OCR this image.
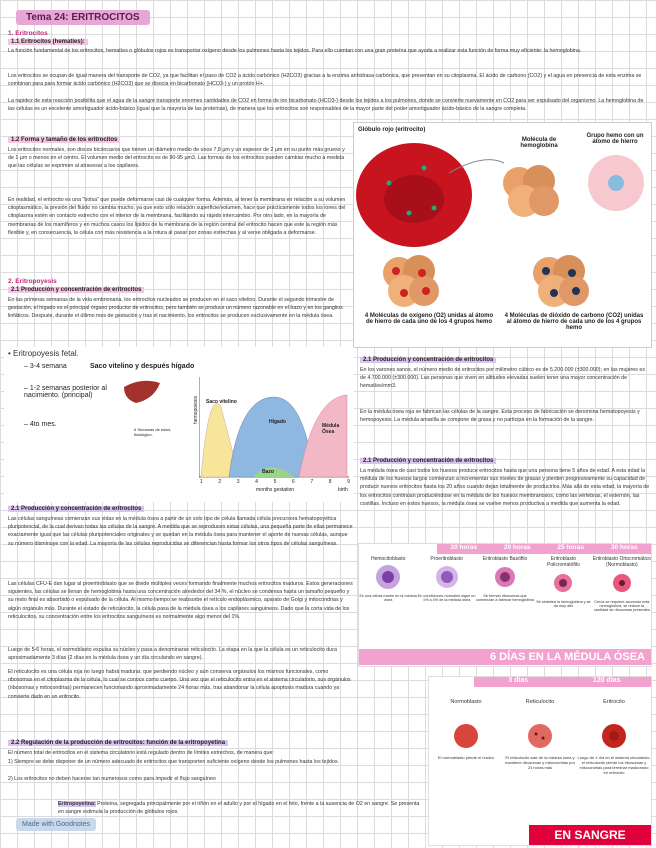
Tema 24: ERITROCITOS
1. Eritrocitos
1.1 Eritrocitos (hematíes):
La función fundamental de los eritrocitos, hematíes o glóbulos rojos es transportar oxígeno desde los pulmones hasta los tejidos. Para ello cuentan con una gran proteína que ayuda a realizar esta función de forma muy eficiente: la hemoglobina.
Los eritrocitos se ocupan de igual manera del transporte de CO2, ya que facilitan el paso de CO2 a ácido carbónico (H2CO3) gracias a la enzima anhidrasa carbónica, que presentan en su citoplasma. El ácido de carbono (CO2) y el agua en presencia de esta enzima se combinan para para formar ácido carbónico (H2CO3) que se disocia en bicarbonato (HCO3-) y un protón H+.
La rapidez de esta reacción posibilita que el agua de la sangre transporte enormes cantidades de CO2 en forma de ion bicarbonato (HCO3-) desde los tejidos a los pulmones, donde se convierte nuevamente en CO2 para ser expulsado del organismo. La hemoglobina de las células es un excelente amortiguador ácido-básico (igual que la mayoría de las proteínas), de manera que los eritrocitos son responsables de la mayor parte del poder amortiguador ácido-básico de la sangre completa.
1.2 Forma y tamaño de los eritrocitos
Los eritrocitos normales, son discos bicóncavos que tienen un diámetro medio de unos 7,8 µm y un espesor de 2 µm en su punto más grueso y de 1 µm o menos en el centro. El volumen medio del eritrocito es de 90-95 µm3. Las formas de los eritrocitos pueden cambiar mucho a medida que las células se exprimen al atravesar a los capilares.
En realidad, el eritrocito es una "bolsa" que puede deformarse casi de cualquier forma. Además, al tener la membrana en relación a su volumen citoplasmático, la presión del fluido no cambia mucho, ya que esto sólo relación superficie/volumen, hace que prácticamente todos los iones del citoplasma estén en contacto estrecho con el interior de la membrana, facilitando su rápido intercambio. Por otro lado, en la mayoría de membranas de los mamíferos y en muchos casos los lípidos de la membrana de la región central del eritrocito hacen que este la región más flexible y, en consecuencia, la célula con más resistencia a la rotura al pasar por zonas estrechas y al verse obligada a deformarse.
Glóbulo rojo (eritrocito)
Molécula de hemoglobina
Grupo hemo con un átomo de hierro
4 Moléculas de oxígeno (O2) unidas al átomo de hierro de cada uno de los 4 grupos hemo
4 Moléculas de dióxido de carbono (CO2) unidas al átomo de hierro de cada uno de los 4 grupos hemo
2. Eritropoyesis
2.1 Producción y concentración de eritrocitos
En las primeras semanas de la vida embrionaria, los eritrocitos nucleados se producen en el saco vitelino. Durante el segundo trimestre de gestación, el hígado es el principal órgano productor de eritrocitos, pero también se produce un número razonable en el bazo y en los ganglios linfáticos. Después, durante el último mes de gestación y tras el nacimiento, los eritrocitos se producen exclusivamente en la médula ósea.
• Eritropoyesis fetal.
– 3-4 semana
– 1-2 semanas posterior al nacimiento. (principal)
– 4to mes.
Saco vitelino y después hígado
6 Semanas de edad, fisiológico.
Saco vitelino
Hígado
Médula Ósea
Bazo
hemopoiesis
1	2	3	4	5	6	7	8	9
months gestation	birth
2.1 Producción y concentración de eritrocitos
En los varones sanos, el número medio de eritrocitos por milímetro cúbico es de 5.200.000 (±300.000); en las mujeres es de 4.700.000 (±300.000). Las personas que viven en altitudes elevadas suelen tener una mayor concentración de hematíes/mm3.
En la médula ósea roja se fabrican las células de la sangre. Esta proceso de fabricación se denomina hematopoyesis y hemopoyesis. La médula amarilla se compone de grasa y no participa en la formación de la sangre.
2.1 Producción y concentración de eritrocitos
La médula ósea de casi todos los huesos produce eritrocitos hasta que una persona tiene 5 años de edad. A esta edad la médula de los huesos largos comienzan a incrementar sus niveles de grasas y pierden progresivamente su capacidad de producir nuevos eritrocitos hasta los 20 años cuando dejan totalmente de producirlos. Más allá de esta edad, la mayoría de los eritrocitos continúan produciéndose en la médula de los huesos membranosos, como las vértebras, el esternón, las costillas. Incluso en estos huesos, la médula ósea se vuelve menos productiva a medida que aumenta la edad.
20 horas	20 horas	25 horas	30 horas
Hemocitoblasto
Es una célula madre en la médula ósea
Proeritroblasto
En condiciones normales sigue un 1% a 4% de la médula ósea
Eritroblasto Basófilo
Se forman ribosomas que comienzan a fabricar hemoglobina
Eritroblasto Policromatófilo
Se sintetiza la hemoglobina y se da muy alto
Eritroblasto Ortocromático (Normoblasto)
Cerca se requiere acumular más hemoglobina, se reduce la cantidad de ribosomas presentes
6 DÍAS EN LA MÉDULA ÓSEA
3 días	120 días
Normoblasto
El normoblasto pierde el núcleo
Reticulocito
El reticulocito sale de la médula ósea y mantiene ribosomas y mitocondrias por 24 horas más
Eritrocito
Luego de 1 día en el sistema circulatorio, el reticulocito pierde los ribosomas y mitocondrias para terminar madurando en eritrocito
EN SANGRE
2.1 Producción y concentración de eritrocitos
Las células sanguíneas comienzan sus vidas en la médula ósea a partir de un solo tipo de célula llamada célula precursora hematopoyética pluripotencial, de la cual derivan todas las células de la sangre. A medida que se reproducen estas células, una pequeña parte de ellas permanece exactamente igual que las células pluripotenciales originales y se quedan en la médula ósea para mantener el aporte de nuevas células, aunque su número disminuye con la edad. La mayoría de las células reproducidas se diferencian hasta formar los otros tipos de células sanguíneas.
Las células CFU-E dan lugar al proeritroblasto que se divide múltiples veces formando finalmente muchos eritrocitos maduros. Estos generaciones siguientes, las células se llenan de hemoglobina hasta una concentración alrededor del 34 %, el núcleo se condensa hasta un tamaño pequeño y su resto final es absorbido o expulsado de la célula. Al mismo tiempo se reabsorbe el retículo endoplásmico, aparato de Golgi y mitocondrias y algún orgánulo más. Durante el estado de reticulocito, la célula pasa de la médula ósea a los capilares sanguíneos. Dado que la corta vida de los reticulocitos, su concentración entre los eritrocitos sanguíneos es normalmente algo menor del 1%.
Luego de 5-6 horas, el normoblasto expulsa su núcleo y pasa a denominarse reticulocito. La etapa en la que la célula es un reticulocito dura aproximadamente 3 días (2 días en la médula ósea y un día circulando en sangre).
El reticulocito es una célula roja no luego habrá madurar, que perdiendo núcleo y aún conserva orgánulos los mismos funcionales, como ribosomas en el citoplasma de la célula, lo cual se conoce como cuerpo. Una vez que el reticulocito entra en el sistema circulatorio, sus orgánulos (ribosomas y mitocondrias) permanecen funcionando aproximadamente 24 horas más, tras abandonar la célula apoptosis madura cuando ya convierte dado en un eritrocito.
2.2 Regulación de la producción de eritrocitos: función de la eritropoyetina
El número total de eritrocitos en el sistema circulatorio está regulado dentro de límites estrechos, de manera que:
1) Siempre se debe disponer de un número adecuado de eritrocitos que transporten suficiente oxígeno desde los pulmones hasta los tejidos.
2) Los eritrocitos no deben hacerse tan numerosos como para impedir el flujo sanguíneo
Eritropoyetina: Proteína, segregada principalmente por el riñón en el adulto y por el hígado en el feto, frente a la ausencia de O2 en sangre. Se presenta en sangre estimula la producción de glóbulos rojos.
Made with Goodnotes
